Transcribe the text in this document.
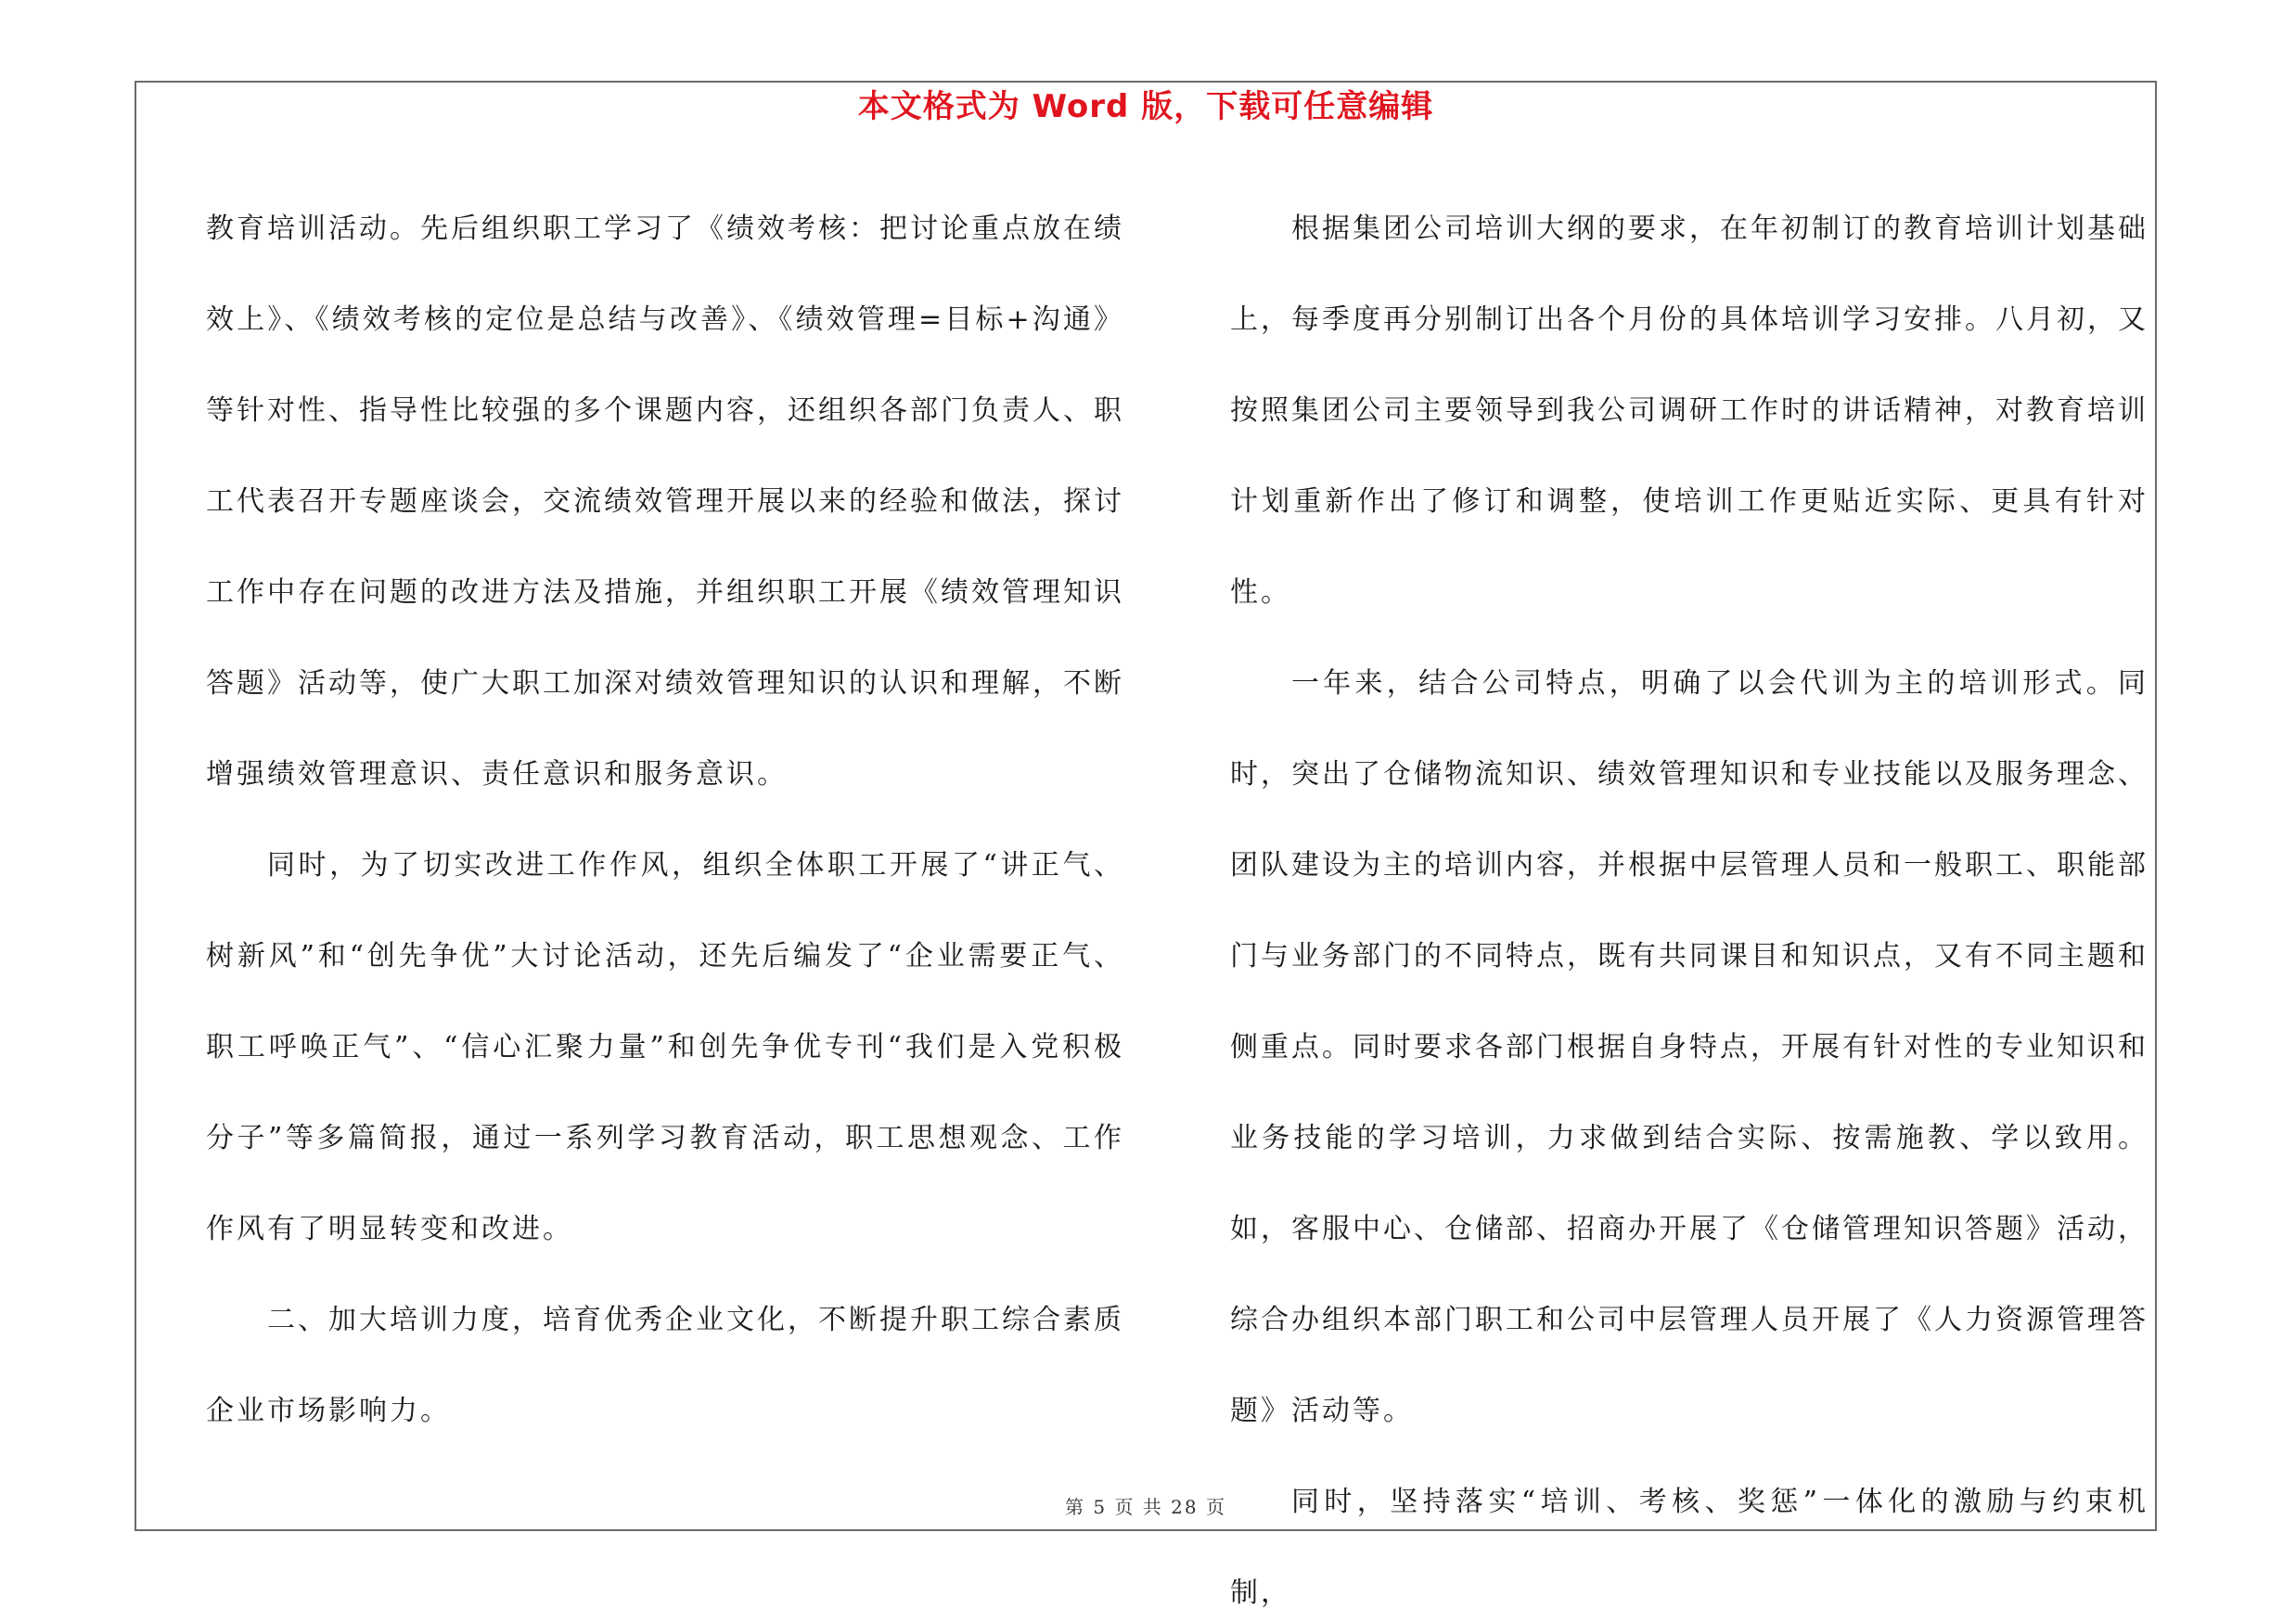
本文格式为 Word 版，下载可任意编辑

教育培训活动。先后组织职工学习了《绩效考核：把讨论重点放在绩效上》、《绩效考核的定位是总结与改善》、《绩效管理=目标+沟通》等针对性、指导性比较强的多个课题内容，还组织各部门负责人、职工代表召开专题座谈会，交流绩效管理开展以来的经验和做法，探讨工作中存在问题的改进方法及措施，并组织职工开展《绩效管理知识答题》活动等，使广大职工加深对绩效管理知识的认识和理解，不断增强绩效管理意识、责任意识和服务意识。

同时，为了切实改进工作作风，组织全体职工开展了“讲正气、树新风”和“创先争优”大讨论活动，还先后编发了“企业需要正气、职工呼唤正气”、“信心汇聚力量”和创先争优专刊“我们是入党积极分子”等多篇简报，通过一系列学习教育活动，职工思想观念、工作作风有了明显转变和改进。

二、加大培训力度，培育优秀企业文化，不断提升职工综合素质企业市场影响力。

根据集团公司培训大纲的要求，在年初制订的教育培训计划基础上，每季度再分别制订出各个月份的具体培训学习安排。八月初，又按照集团公司主要领导到我公司调研工作时的讲话精神，对教育培训计划重新作出了修订和调整，使培训工作更贴近实际、更具有针对性。

一年来，结合公司特点，明确了以会代训为主的培训形式。同时，突出了仓储物流知识、绩效管理知识和专业技能以及服务理念、团队建设为主的培训内容，并根据中层管理人员和一般职工、职能部门与业务部门的不同特点，既有共同课目和知识点，又有不同主题和侧重点。同时要求各部门根据自身特点，开展有针对性的专业知识和业务技能的学习培训，力求做到结合实际、按需施教、学以致用。如，客服中心、仓储部、招商办开展了《仓储管理知识答题》活动，综合办组织本部门职工和公司中层管理人员开展了《人力资源管理答题》活动等。

同时，坚持落实“培训、考核、奖惩”一体化的激励与约束机制，

第 5 页 共 28 页
